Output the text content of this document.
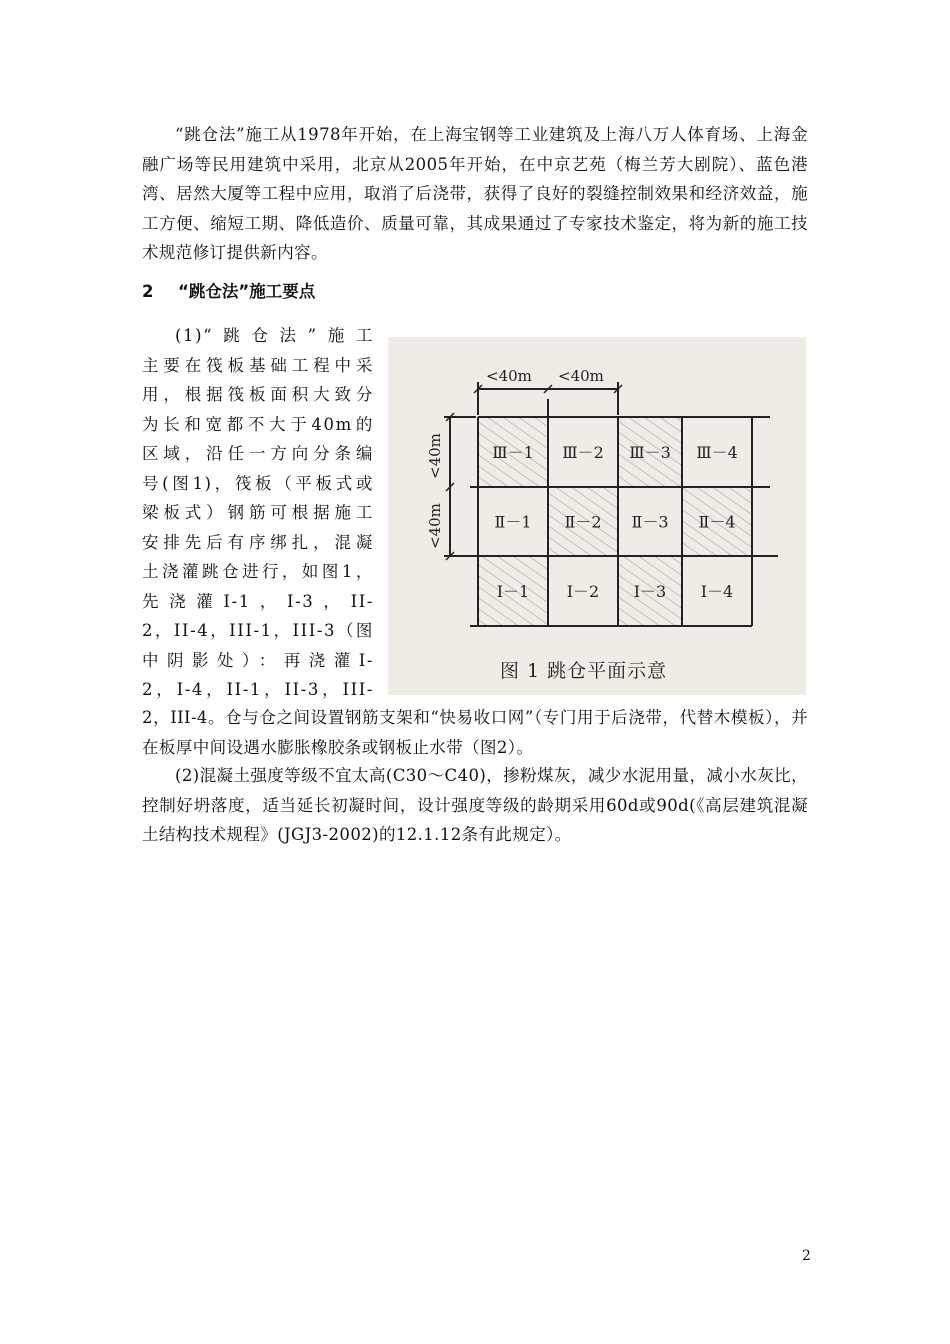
“跳仓法”施工从1978年开始，在上海宝钢等工业建筑及上海八万人体育场、上海金融广场等民用建筑中采用，北京从2005年开始，在中京艺苑（梅兰芳大剧院）、蓝色港湾、居然大厦等工程中应用，取消了后浇带，获得了良好的裂缝控制效果和经济效益，施工方便、缩短工期、降低造价、质量可靠，其成果通过了专家技术鉴定，将为新的施工技术规范修订提供新内容。

2 “跳仓法”施工要点

(1)“跳仓法”施工
主要在筏板基础工程中采
用，根据筏板面积大致分
为长和宽都不大于40m的
区域，沿任一方向分条编
号(图1)，筏板（平板式或
梁板式）钢筋可根据施工
安排先后有序绑扎，混凝
土浇灌跳仓进行，如图1，
先浇灌I-1，I-3，II-
2，II-4，III-1，III-3（图
中阴影处）：再浇灌I-
2，I-4，II-1，II-3，III-
<40m <40m
<40m
<40m
Ⅲ－1 Ⅲ－2 Ⅲ－3 Ⅲ－4
Ⅱ－1 Ⅱ－2 Ⅱ－3 Ⅱ－4
Ⅰ－1 Ⅰ－2 Ⅰ－3 Ⅰ－4
图 1 跳仓平面示意

2，III-4。仓与仓之间设置钢筋支架和“快易收口网”（专门用于后浇带，代替木模板），并在板厚中间设遇水膨胀橡胶条或钢板止水带（图2）。

(2)混凝土强度等级不宜太高(C30～C40)，掺粉煤灰，减少水泥用量，减小水灰比，控制好坍落度，适当延长初凝时间，设计强度等级的龄期采用60d或90d(《高层建筑混凝土结构技术规程》(JGJ3-2002)的12.1.12条有此规定）。

2
